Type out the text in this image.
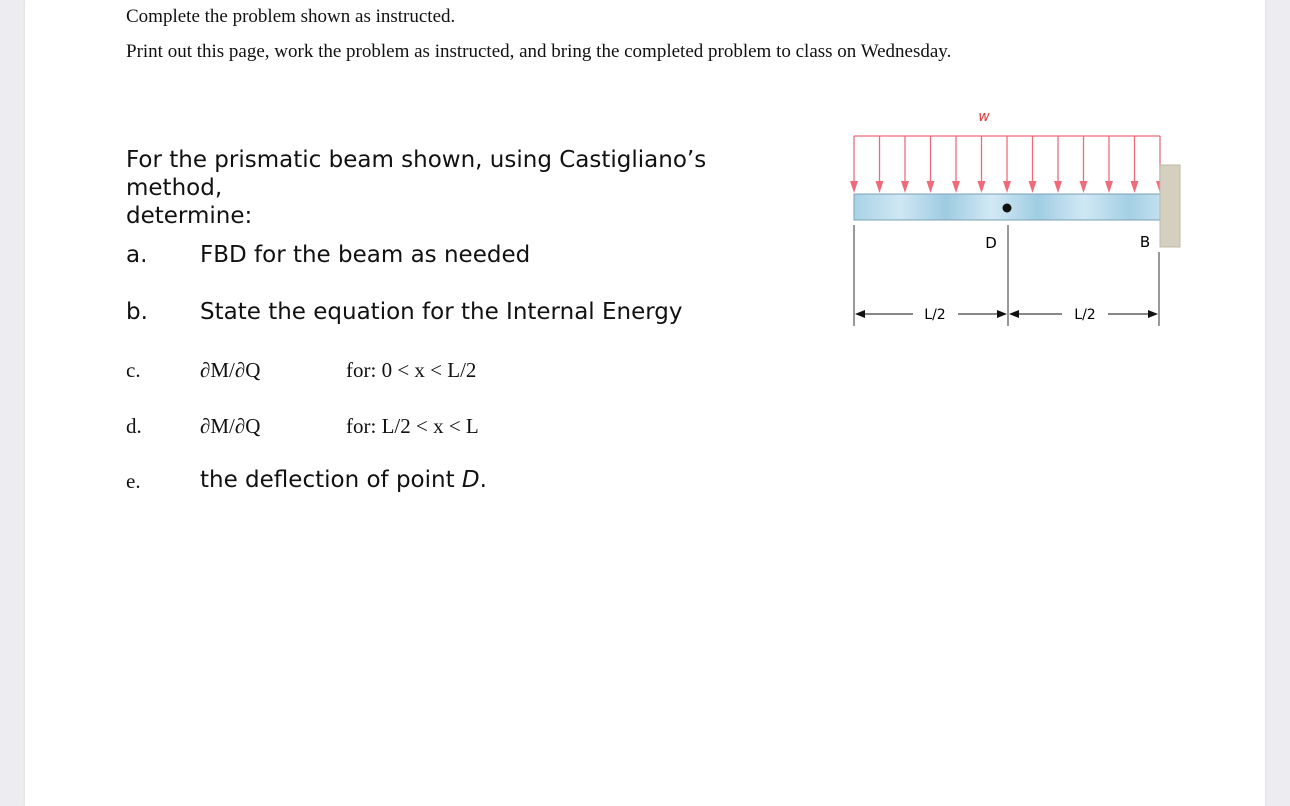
Complete the problem shown as instructed.
Print out this page, work the problem as instructed, and bring the completed problem to class on Wednesday.
For the prismatic beam shown, using Castigliano’s
method,
determine:
a. FBD for the beam as needed
b. State the equation for the Internal Energy
c.	∂M/∂Q	for: 0 < x < L/2
d.	∂M/∂Q	for: L/2 < x < L
e.	the deflection of point D.
w
D	B
L/2	L/2
